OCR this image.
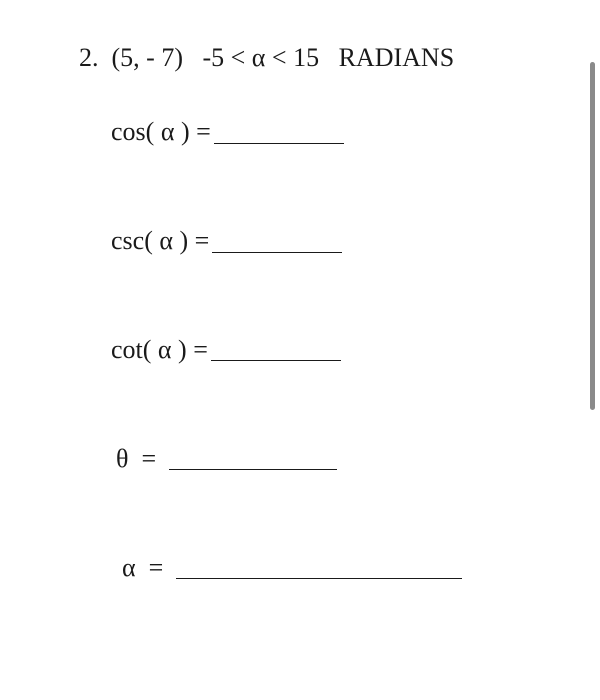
2. (5, - 7) -5 < α < 15 RADIANS
cos( α ) =
csc( α ) =
cot( α ) =
θ  =
α  =
